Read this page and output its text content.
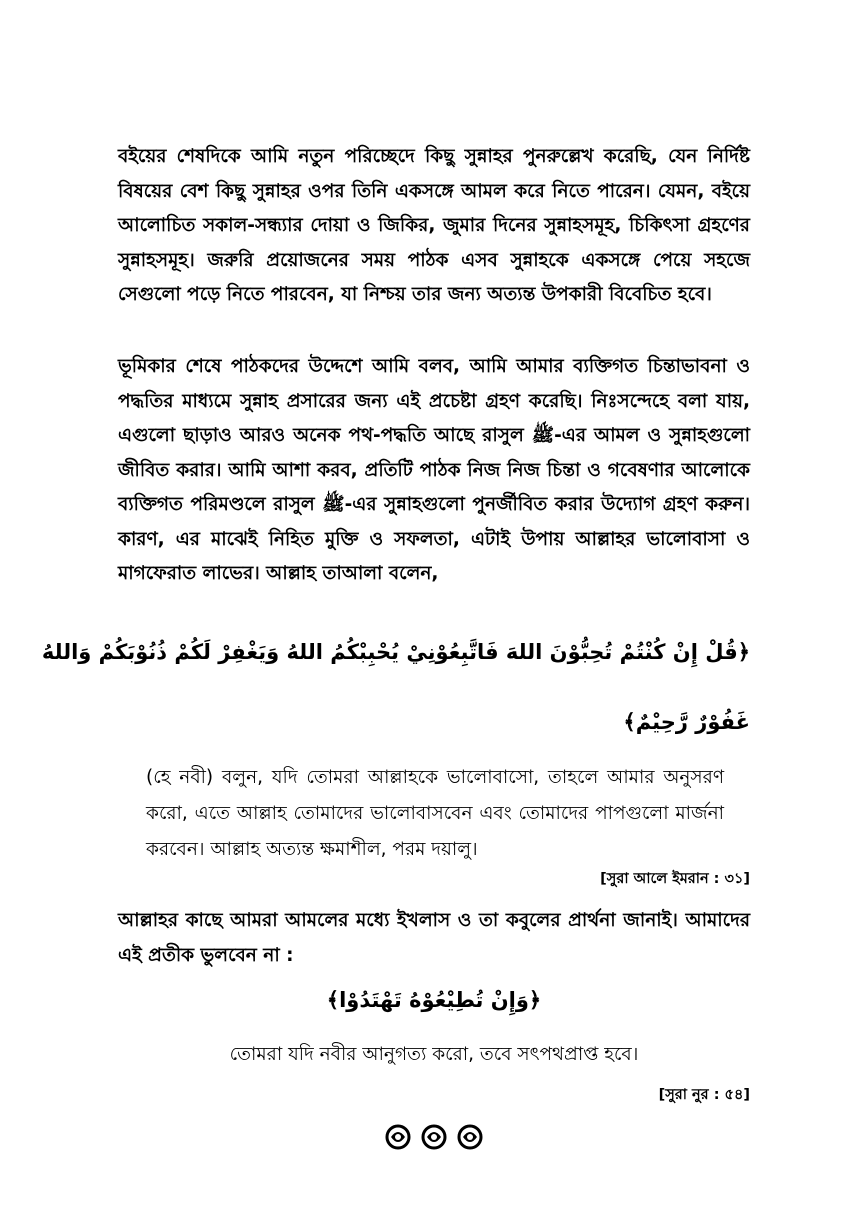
বইয়ের শেষদিকে আমি নতুন পরিচ্ছেদে কিছু সুন্নাহর পুনরুল্লেখ করেছি, যেন নির্দিষ্ট বিষয়ের বেশ কিছু সুন্নাহর ওপর তিনি একসঙ্গে আমল করে নিতে পারেন। যেমন, বইয়ে আলোচিত সকাল-সন্ধ্যার দোয়া ও জিকির, জুমার দিনের সুন্নাহসমূহ, চিকিৎসা গ্রহণের সুন্নাহসমূহ। জরুরি প্রয়োজনের সময় পাঠক এসব সুন্নাহকে একসঙ্গে পেয়ে সহজে সেগুলো পড়ে নিতে পারবেন, যা নিশ্চয় তার জন্য অত্যন্ত উপকারী বিবেচিত হবে।

ভূমিকার শেষে পাঠকদের উদ্দেশে আমি বলব, আমি আমার ব্যক্তিগত চিন্তাভাবনা ও পদ্ধতির মাধ্যমে সুন্নাহ প্রসারের জন্য এই প্রচেষ্টা গ্রহণ করেছি। নিঃসন্দেহে বলা যায়, এগুলো ছাড়াও আরও অনেক পথ-পদ্ধতি আছে রাসুল ﷺ-এর আমল ও সুন্নাহগুলো জীবিত করার। আমি আশা করব, প্রতিটি পাঠক নিজ নিজ চিন্তা ও গবেষণার আলোকে ব্যক্তিগত পরিমণ্ডলে রাসুল ﷺ-এর সুন্নাহগুলো পুনর্জীবিত করার উদ্যোগ গ্রহণ করুন। কারণ, এর মাঝেই নিহিত মুক্তি ও সফলতা, এটাই উপায় আল্লাহর ভালোবাসা ও মাগফেরাত লাভের। আল্লাহ তাআলা বলেন,

﴿قُلْ إِنْ كُنْتُمْ تُحِبُّوْنَ اللهَ فَاتَّبِعُوْنِيْ يُحْبِبْكُمُ اللهُ وَيَغْفِرْ لَكُمْ ذُنُوْبَكُمْ وَاللهُ

غَفُوْرٌ رَّحِيْمٌ﴾

(হে নবী) বলুন, যদি তোমরা আল্লাহকে ভালোবাসো, তাহলে আমার অনুসরণ করো, এতে আল্লাহ তোমাদের ভালোবাসবেন এবং তোমাদের পাপগুলো মার্জনা করবেন। আল্লাহ অত্যন্ত ক্ষমাশীল, পরম দয়ালু।

[সুরা আলে ইমরান : ৩১]

আল্লাহর কাছে আমরা আমলের মধ্যে ইখলাস ও তা কবুলের প্রার্থনা জানাই। আমাদের এই প্রতীক ভুলবেন না :

﴿وَإِنْ تُطِيْعُوْهُ تَهْتَدُوْا﴾

তোমরা যদি নবীর আনুগত্য করো, তবে সৎপথপ্রাপ্ত হবে।

[সুরা নুর : ৫৪]
